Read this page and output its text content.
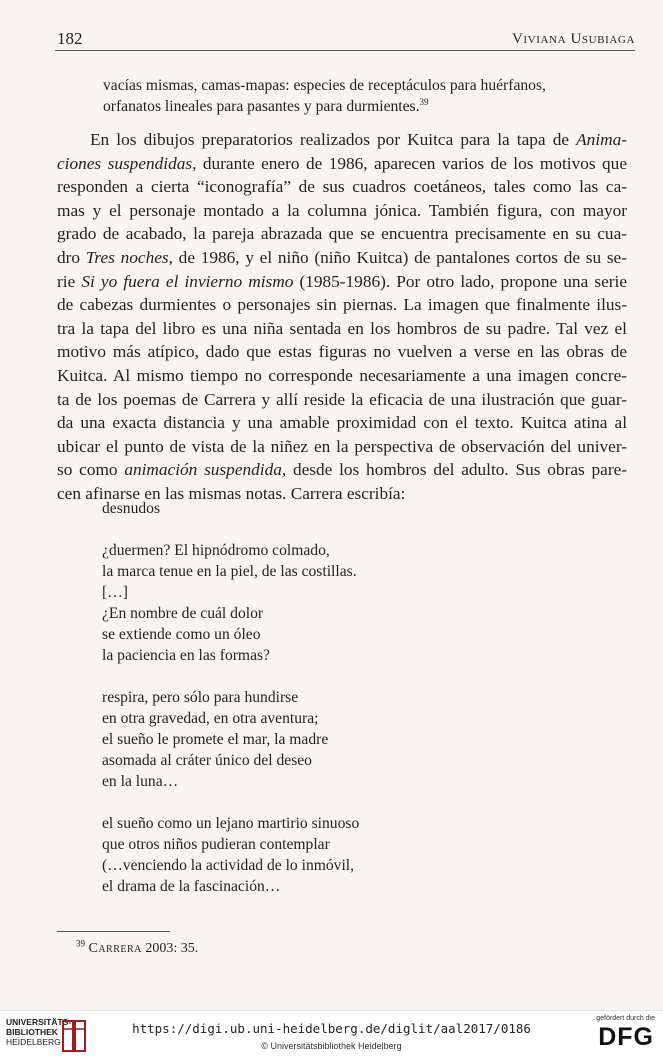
182	Viviana Usubiaga

vacías mismas, camas-mapas: especies de receptáculos para huérfanos,

orfanatos lineales para pasantes y para durmientes.$^{39}$

En los dibujos preparatorios realizados por Kuitca para la tapa de Anima-
ciones suspendidas, durante enero de 1986, aparecen varios de los motivos que
responden a cierta “iconografía” de sus cuadros coetáneos, tales como las ca-
mas y el personaje montado a la columna jónica. También figura, con mayor
grado de acabado, la pareja abrazada que se encuentra precisamente en su cua-
dro Tres noches, de 1986, y el niño (niño Kuitca) de pantalones cortos de su se-
rie Si yo fuera el invierno mismo (1985-1986). Por otro lado, propone una serie
de cabezas durmientes o personajes sin piernas. La imagen que finalmente ilus-
tra la tapa del libro es una niña sentada en los hombros de su padre. Tal vez el
motivo más atípico, dado que estas figuras no vuelven a verse en las obras de
Kuitca. Al mismo tiempo no corresponde necesariamente a una imagen concre-
ta de los poemas de Carrera y allí reside la eficacia de una ilustración que guar-
da una exacta distancia y una amable proximidad con el texto. Kuitca atina al
ubicar el punto de vista de la niñez en la perspectiva de observación del univer-
so como animación suspendida, desde los hombros del adulto. Sus obras pare-
cen afinarse en las mismas notas. Carrera escribía:
desnudos
¿duermen? El hipnódromo colmado,
la marca tenue en la piel, de las costillas.
[…]
¿En nombre de cuál dolor
se extiende como un óleo
la paciencia en las formas?
respira, pero sólo para hundirse
en otra gravedad, en otra aventura;
el sueño le promete el mar, la madre
asomada al cráter único del deseo
en la luna…
el sueño como un lejano martirio sinuoso
que otros niños pudieran contemplar
(…venciendo la actividad de lo inmóvil,
el drama de la fascinación…
$^{39}$ Carrera 2003: 35.
UNIVERSITÄTS-
BIBLIOTHEK
HEIDELBERG
https://digi.ub.uni-heidelberg.de/diglit/aal2017/0186
© Universitätsbibliothek Heidelberg
gefördert durch die
DFG
